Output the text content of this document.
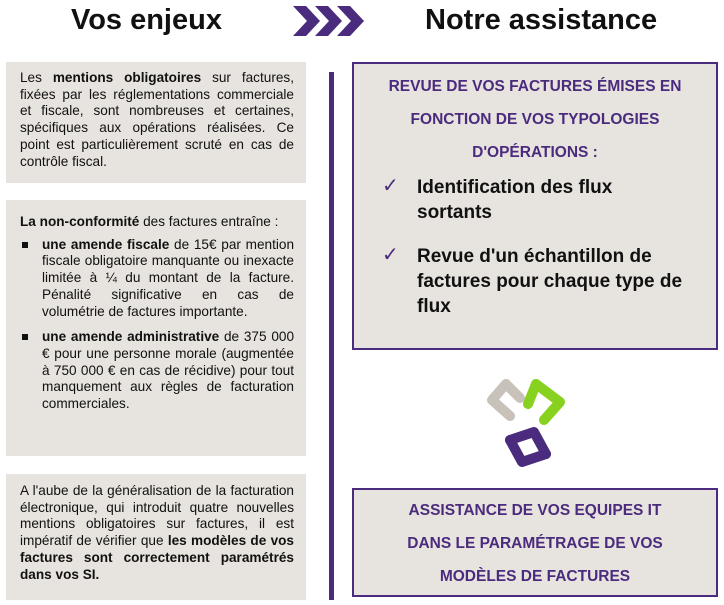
Vos enjeux	Notre assistance
Les mentions obligatoires sur factures, fixées par les réglementations commerciale et fiscale, sont nombreuses et certaines, spécifiques aux opérations réalisées. Ce point est particulièrement scruté en cas de contrôle fiscal.
La non-conformité des factures entraîne :
une amende fiscale de 15€ par mention fiscale obligatoire manquante ou inexacte limitée à ¼ du montant de la facture. Pénalité significative en cas de volumétrie de factures importante.
une amende administrative de 375 000 € pour une personne morale (augmentée à 750 000 € en cas de récidive) pour tout manquement aux règles de facturation commerciales.
A l'aube de la généralisation de la facturation électronique, qui introduit quatre nouvelles mentions obligatoires sur factures, il est impératif de vérifier que les modèles de vos factures sont correctement paramétrés dans vos SI.
REVUE DE VOS FACTURES ÉMISES EN
FONCTION DE VOS TYPOLOGIES
D'OPÉRATIONS :
✓ Identification des flux
sortants
✓ Revue d'un échantillon de
factures pour chaque type de
flux
ASSISTANCE DE VOS EQUIPES IT
DANS LE PARAMÉTRAGE DE VOS
MODÈLES DE FACTURES
